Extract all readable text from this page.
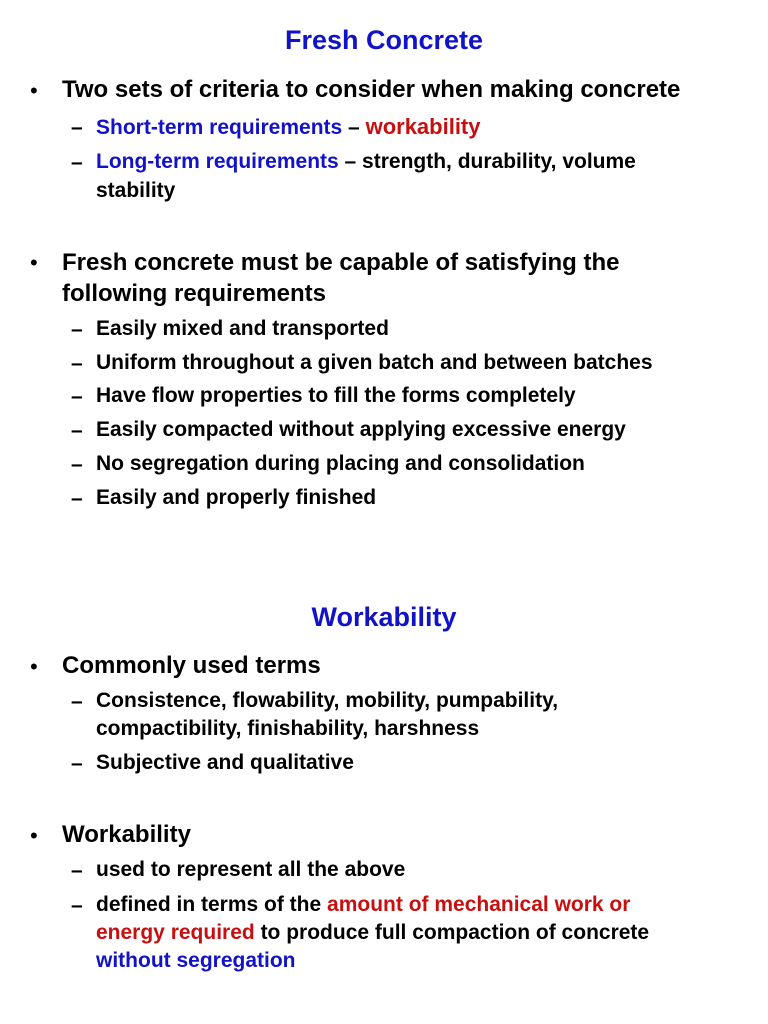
Fresh Concrete
• Two sets of criteria to consider when making concrete
– Short-term requirements – workability
– Long-term requirements – strength, durability, volume
stability
• Fresh concrete must be capable of satisfying the
following requirements
– Easily mixed and transported
– Uniform throughout a given batch and between batches
– Have flow properties to fill the forms completely
– Easily compacted without applying excessive energy
– No segregation during placing and consolidation
– Easily and properly finished
Workability
• Commonly used terms
– Consistence, flowability, mobility, pumpability,
compactibility, finishability, harshness
– Subjective and qualitative
• Workability
– used to represent all the above
– defined in terms of the amount of mechanical work or
energy required to produce full compaction of concrete
without segregation
